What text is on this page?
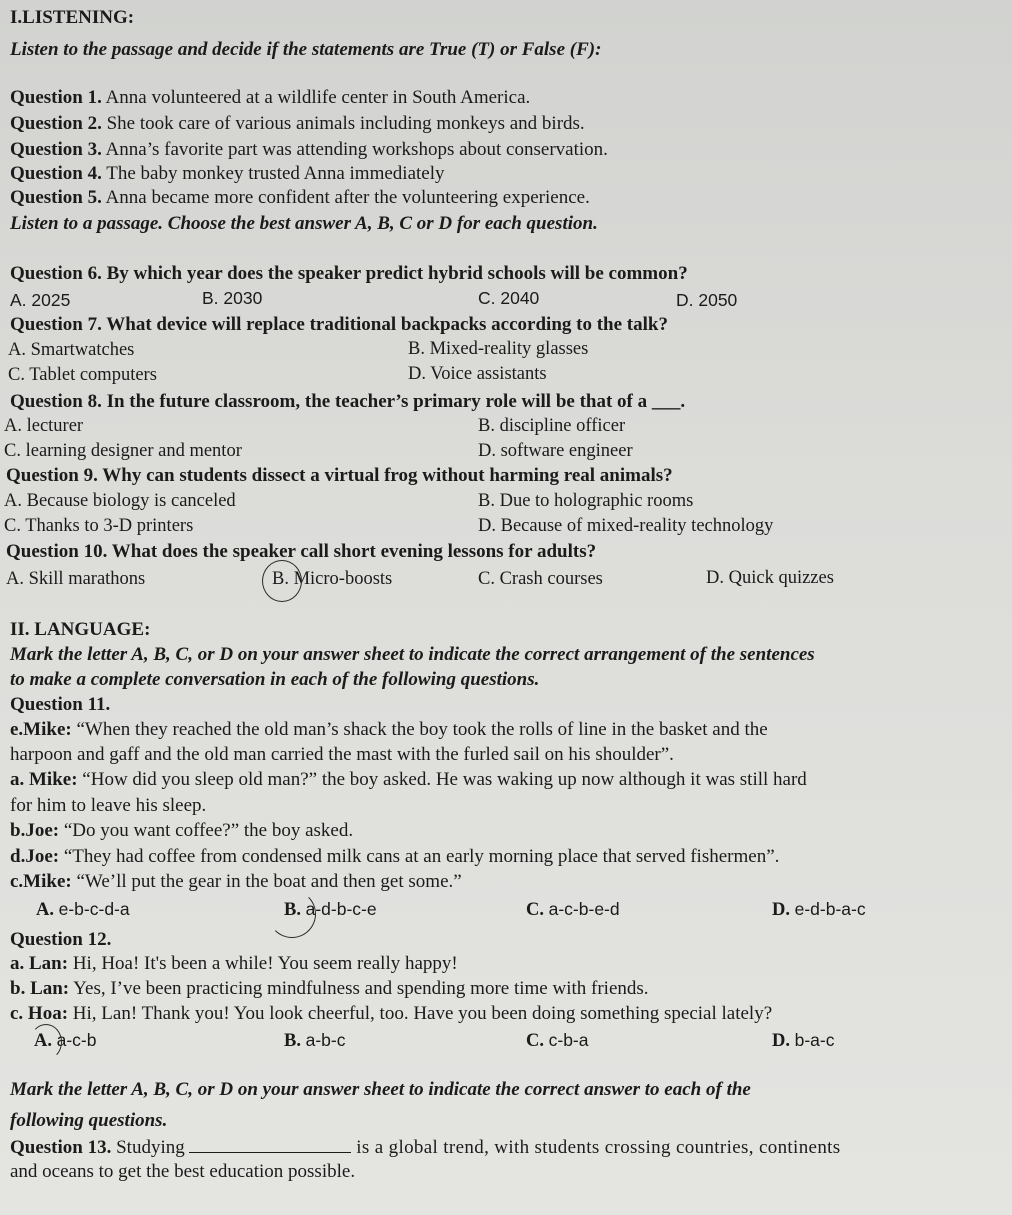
I.LISTENING:
Listen to the passage and decide if the statements are True (T) or False (F):
Question 1. Anna volunteered at a wildlife center in South America.
Question 2. She took care of various animals including monkeys and birds.
Question 3. Anna’s favorite part was attending workshops about conservation.
Question 4. The baby monkey trusted Anna immediately
Question 5. Anna became more confident after the volunteering experience.
Listen to a passage. Choose the best answer A, B, C or D for each question.
Question 6. By which year does the speaker predict hybrid schools will be common?
A. 2025	B. 2030	C. 2040	D. 2050
Question 7. What device will replace traditional backpacks according to the talk?
A. Smartwatches	B. Mixed-reality glasses
C. Tablet computers	D. Voice assistants
Question 8. In the future classroom, the teacher’s primary role will be that of a ___.
A. lecturer	B. discipline officer
C. learning designer and mentor	D. software engineer
Question 9. Why can students dissect a virtual frog without harming real animals?
A. Because biology is canceled	B. Due to holographic rooms
C. Thanks to 3-D printers	D. Because of mixed-reality technology
Question 10. What does the speaker call short evening lessons for adults?
A. Skill marathons	B. Micro-boosts	C. Crash courses	D. Quick quizzes
II. LANGUAGE:
Mark the letter A, B, C, or D on your answer sheet to indicate the correct arrangement of the sentences
to make a complete conversation in each of the following questions.
Question 11.
e.Mike: “When they reached the old man’s shack the boy took the rolls of line in the basket and the
harpoon and gaff and the old man carried the mast with the furled sail on his shoulder”.
a. Mike: “How did you sleep old man?” the boy asked. He was waking up now although it was still hard
for him to leave his sleep.
b.Joe: “Do you want coffee?” the boy asked.
d.Joe: “They had coffee from condensed milk cans at an early morning place that served fishermen”.
c.Mike: “We’ll put the gear in the boat and then get some.”
A. e-b-c-d-a	B. a-d-b-c-e	C. a-c-b-e-d	D. e-d-b-a-c
Question 12.
a. Lan: Hi, Hoa! It's been a while! You seem really happy!
b. Lan: Yes, I’ve been practicing mindfulness and spending more time with friends.
c. Hoa: Hi, Lan! Thank you! You look cheerful, too. Have you been doing something special lately?
A. a-c-b	B. a-b-c	C. c-b-a	D. b-a-c
Mark the letter A, B, C, or D on your answer sheet to indicate the correct answer to each of the
following questions.
Question 13. Studying	is a global trend, with students crossing countries, continents
and oceans to get the best education possible.
